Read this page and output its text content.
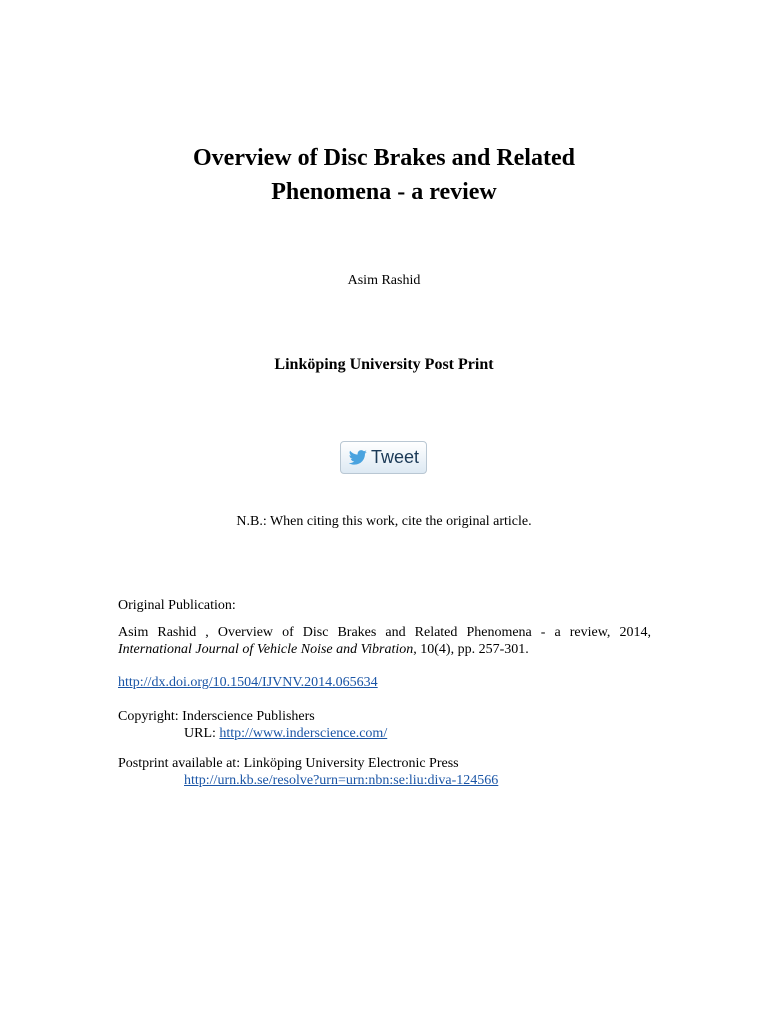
Overview of Disc Brakes and Related
Phenomena - a review
Asim Rashid
Linköping University Post Print
Tweet
N.B.: When citing this work, cite the original article.
Original Publication:
Asim Rashid , Overview of Disc Brakes and Related Phenomena - a review, 2014,
International Journal of Vehicle Noise and Vibration, 10(4), pp. 257-301.
http://dx.doi.org/10.1504/IJVNV.2014.065634
Copyright: Inderscience Publishers
URL: http://www.inderscience.com/
Postprint available at: Linköping University Electronic Press
http://urn.kb.se/resolve?urn=urn:nbn:se:liu:diva-124566
